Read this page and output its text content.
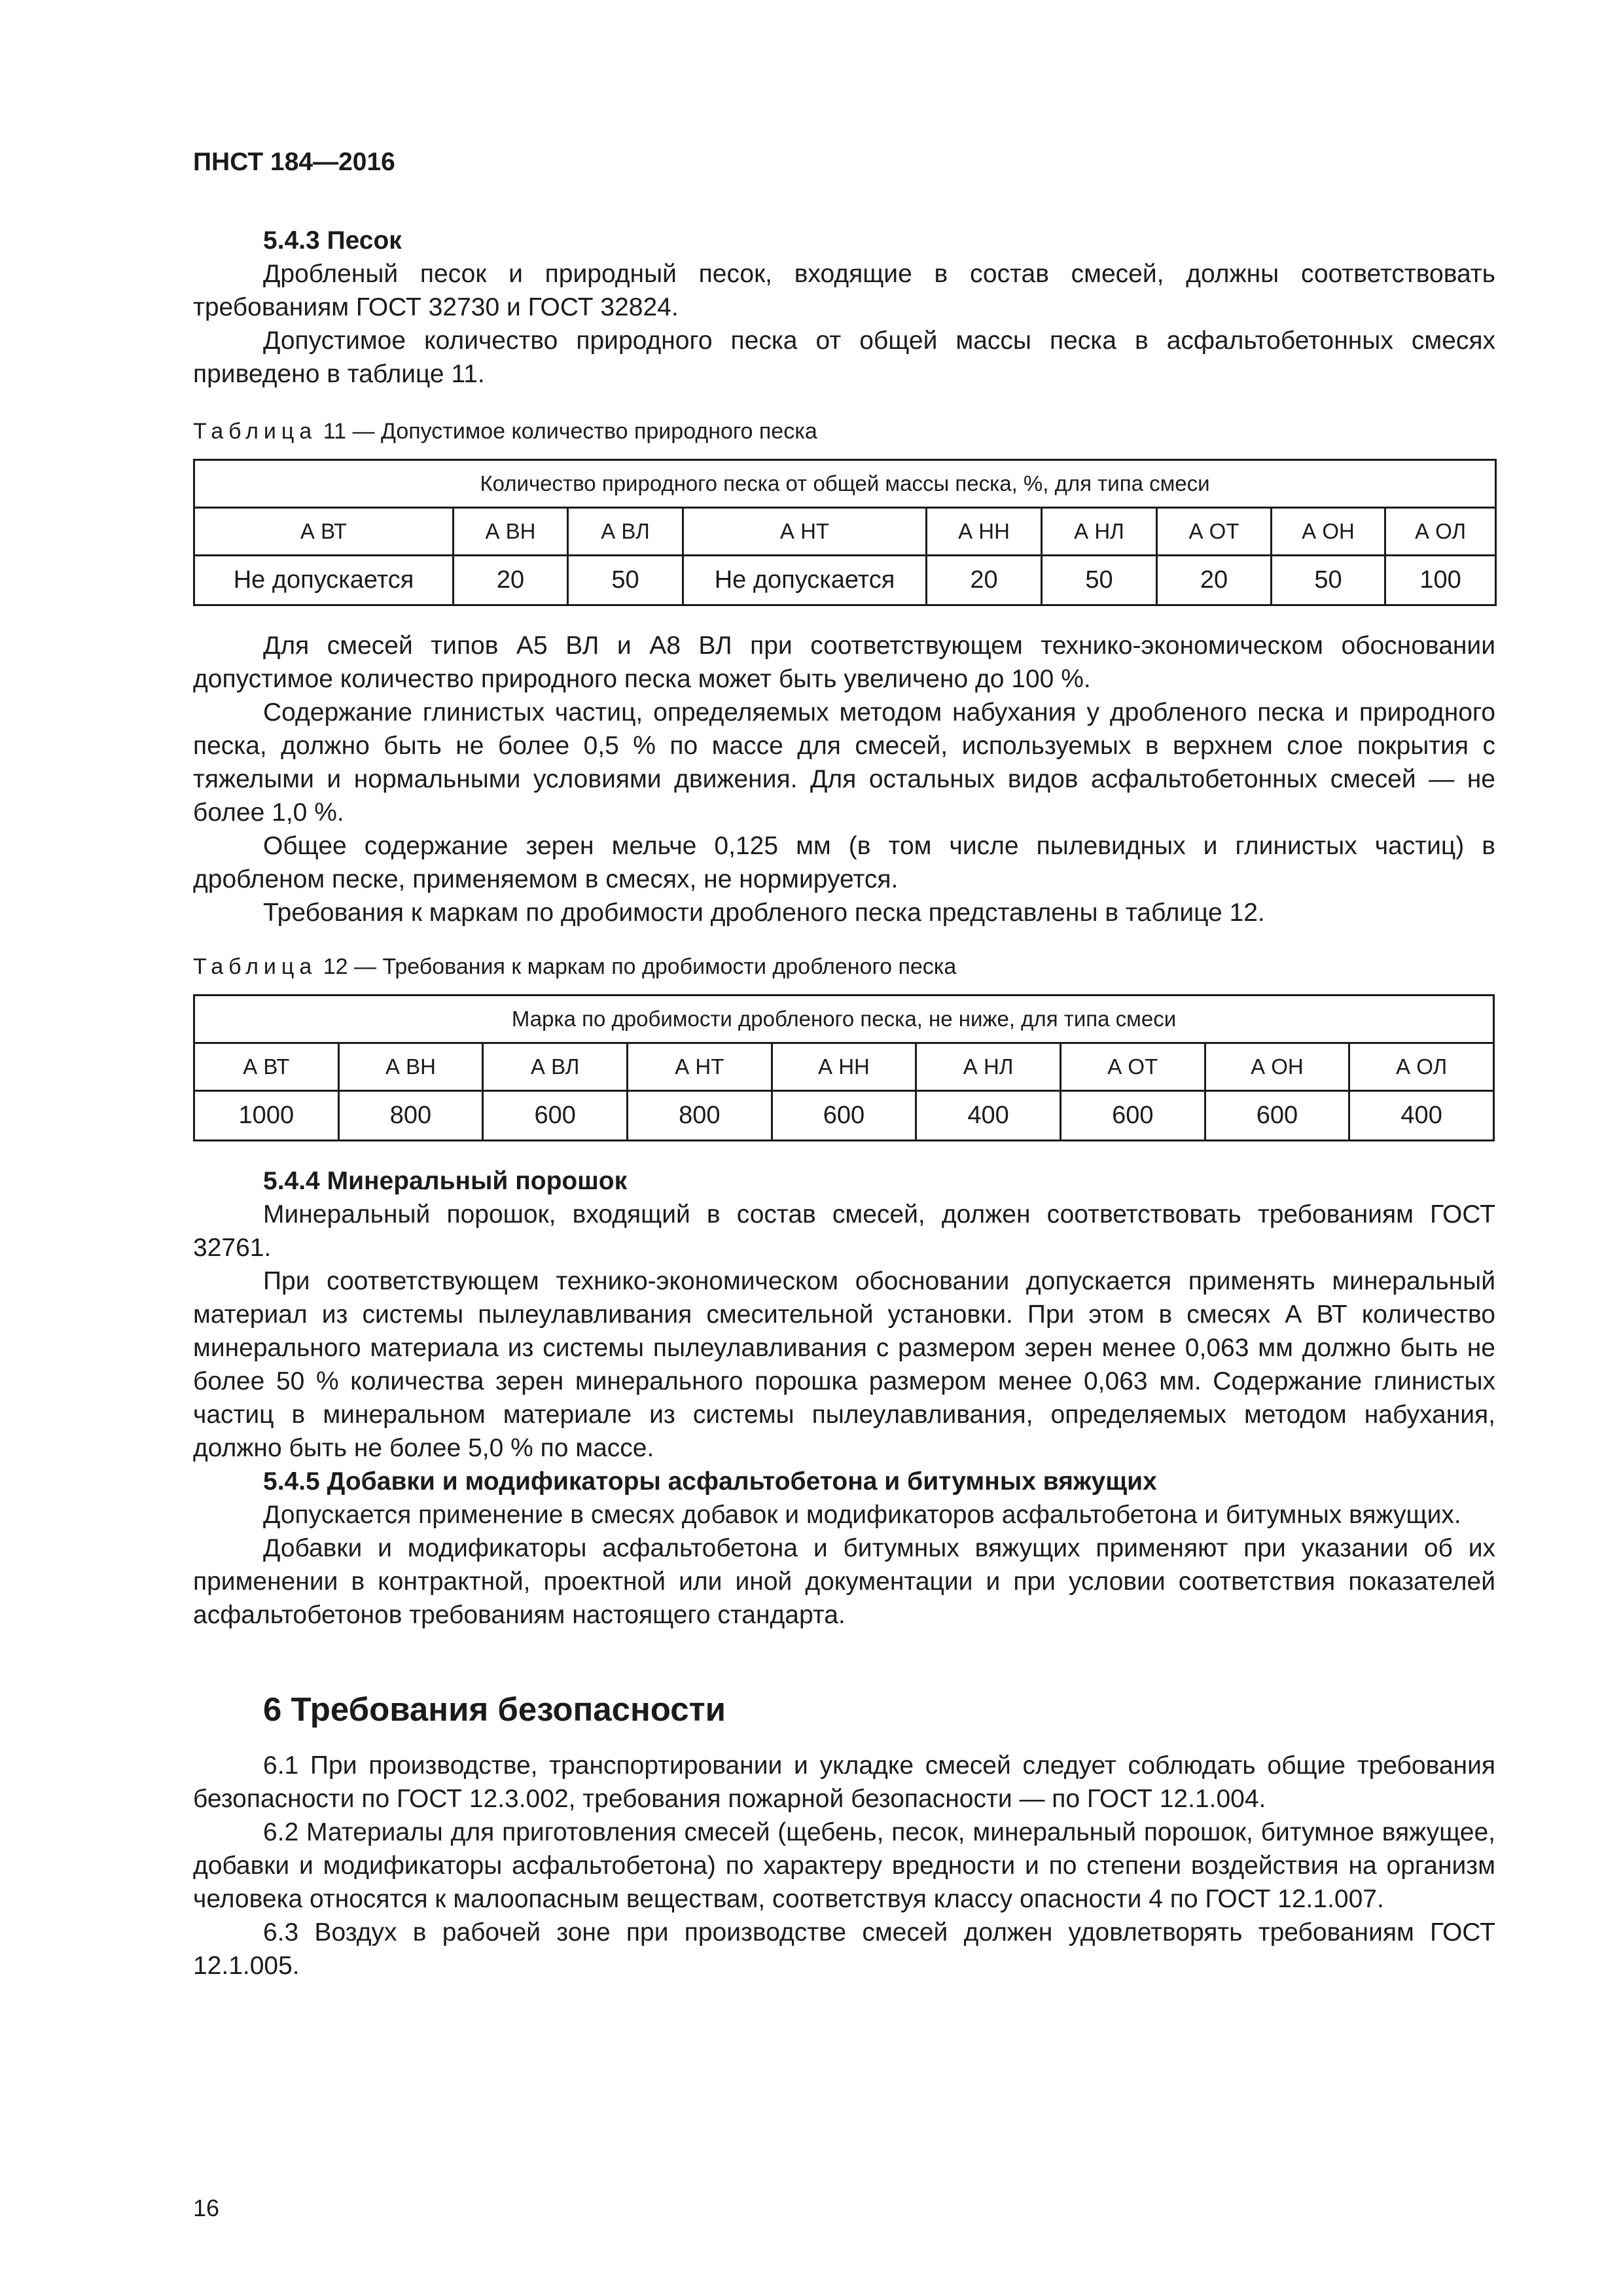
ПНСТ 184—2016
5.4.3 Песок

Дробленый песок и природный песок, входящие в состав смесей, должны соответствовать требованиям ГОСТ 32730 и ГОСТ 32824.

Допустимое количество природного песка от общей массы песка в асфальтобетонных смесях приведено в таблице 11.

Таблица 11 — Допустимое количество природного песка
Количество природного песка от общей массы песка, %, для типа смеси								
А ВТ	А ВН	А ВЛ	А НТ	А НН	А НЛ	А ОТ	А ОН	А ОЛ
Не допускается	20	50	Не допускается	20	50	20	50	100

Для смесей типов А5 ВЛ и А8 ВЛ при соответствующем технико-экономическом обосновании допустимое количество природного песка может быть увеличено до 100 %.

Содержание глинистых частиц, определяемых методом набухания у дробленого песка и природного песка, должно быть не более 0,5 % по массе для смесей, используемых в верхнем слое покрытия с тяжелыми и нормальными условиями движения. Для остальных видов асфальтобетонных смесей — не более 1,0 %.

Общее содержание зерен мельче 0,125 мм (в том числе пылевидных и глинистых частиц) в дробленом песке, применяемом в смесях, не нормируется.

Требования к маркам по дробимости дробленого песка представлены в таблице 12.

Таблица 12 — Требования к маркам по дробимости дробленого песка
Марка по дробимости дробленого песка, не ниже, для типа смеси								
А ВТ	А ВН	А ВЛ	А НТ	А НН	А НЛ	А ОТ	А ОН	А ОЛ
1000	800	600	800	600	400	600	600	400
5.4.4 Минеральный порошок

Минеральный порошок, входящий в состав смесей, должен соответствовать требованиям ГОСТ 32761.

При соответствующем технико-экономическом обосновании допускается применять минеральный материал из системы пылеулавливания смесительной установки. При этом в смесях А ВТ количество минерального материала из системы пылеулавливания с размером зерен менее 0,063 мм должно быть не более 50 % количества зерен минерального порошка размером менее 0,063 мм. Содержание глинистых частиц в минеральном материале из системы пылеулавливания, определяемых методом набухания, должно быть не более 5,0 % по массе.

5.4.5 Добавки и модификаторы асфальтобетона и битумных вяжущих

Допускается применение в смесях добавок и модификаторов асфальтобетона и битумных вяжущих.

Добавки и модификаторы асфальтобетона и битумных вяжущих применяют при указании об их применении в контрактной, проектной или иной документации и при условии соответствия показателей асфальтобетонов требованиям настоящего стандарта.

6 Требования безопасности

6.1 При производстве, транспортировании и укладке смесей следует соблюдать общие требования безопасности по ГОСТ 12.3.002, требования пожарной безопасности — по ГОСТ 12.1.004.

6.2 Материалы для приготовления смесей (щебень, песок, минеральный порошок, битумное вяжущее, добавки и модификаторы асфальтобетона) по характеру вредности и по степени воздействия на организм человека относятся к малоопасным веществам, соответствуя классу опасности 4 по ГОСТ 12.1.007.

6.3 Воздух в рабочей зоне при производстве смесей должен удовлетворять требованиям ГОСТ 12.1.005.

16
